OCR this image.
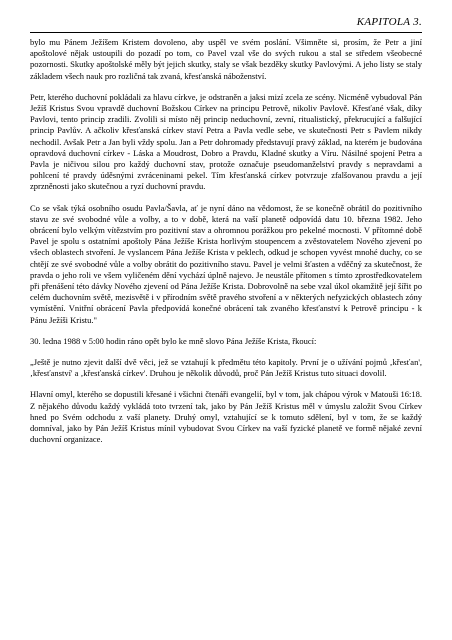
KAPITOLA 3.

bylo mu Pánem Ježíšem Kristem dovoleno, aby uspěl ve svém poslání. Všimněte si, prosím, že Petr a jiní apoštolové nějak ustoupili do pozadí po tom, co Pavel vzal vše do svých rukou a stal se středem všeobecné pozornosti. Skutky apoštolské měly být jejich skutky, staly se však bezděky skutky Pavlovými. A jeho listy se staly základem všech nauk pro rozličná tak zvaná, křesťanská náboženství.

Petr, kterého duchovní pokládali za hlavu církve, je odstraněn a jaksi mizí zcela ze scény. Nicméně vybudoval Pán Ježíš Kristus Svou vpravdě duchovní Božskou Církev na principu Petrově, nikoliv Pavlově. Křesťané však, díky Pavlovi, tento princip zradili. Zvolili si místo něj princip neduchovní, zevní, ritualistický, překrucující a falšující princip Pavlův. A ačkoliv křesťanská církev staví Petra a Pavla vedle sebe, ve skutečnosti Petr s Pavlem nikdy nechodil. Avšak Petr a Jan byli vždy spolu. Jan a Petr dohromady představují pravý základ, na kterém je budována opravdová duchovní církev - Láska a Moudrost, Dobro a Pravdu, Kladné skutky a Víru. Násilné spojení Petra a Pavla je ničivou silou pro každý duchovní stav, protože označuje pseudomanželství pravdy s nepravdami a pohlcení té pravdy úděsnými zvráceninami pekel. Tím křesťanská církev potvrzuje zfalšovanou pravdu a její zprzněnosti jako skutečnou a ryzí duchovní pravdu.

Co se však týká osobního osudu Pavla/Šavla, ať je nyní dáno na vědomost, že se konečně obrátil do pozitivního stavu ze své svobodné vůle a volby, a to v době, která na vaší planetě odpovídá datu 10. března 1982. Jeho obrácení bylo velkým vítězstvím pro pozitivní stav a ohromnou porážkou pro pekelné mocnosti. V přítomné době Pavel je spolu s ostatními apoštoly Pána Ježíše Krista horlivým stoupencem a zvěstovatelem Nového zjevení po všech oblastech stvoření. Je vyslancem Pána Ježíše Krista v peklech, odkud je schopen vyvést mnohé duchy, co se chtějí ze své svobodné vůle a volby obrátit do pozitivního stavu. Pavel je velmi šťasten a vděčný za skutečnost, že pravda o jeho roli ve všem vyličeném dění vychází úplně najevo. Je neustále přítomen s tímto zprostředkovatelem při přenášení této dávky Nového zjevení od Pána Ježíše Krista. Dobrovolně na sebe vzal úkol okamžitě její šířit po celém duchovním světě, mezisvětě i v přírodním světě pravého stvoření a v některých nefyzických oblastech zóny vymístění. Vnitřní obrácení Pavla předpovídá konečné obrácení tak zvaného křesťanství k Petrově principu - k Pánu Ježíši Kristu."

30. ledna 1988 v 5:00 hodin ráno opět bylo ke mně slovo Pána Ježíše Krista, řkoucí:

„Ještě je nutno zjevit další dvě věci, jež se vztahují k předmětu této kapitoly. První je o užívání pojmů ‚křesťan', ‚křesťanství' a ‚křesťanská církev'. Druhou je několik důvodů, proč Pán Ježíš Kristus tuto situaci dovolil.

Hlavní omyl, kterého se dopustili křesané i všichni čtenáři evangelií, byl v tom, jak chápou výrok v Matouši 16:18. Z nějakého důvodu každý vykládá toto tvrzení tak, jako by Pán Ježíš Kristus měl v úmyslu založit Svou Církev hned po Svém odchodu z vaší planety. Druhý omyl, vztahující se k tomuto sdělení, byl v tom, že se každý domníval, jako by Pán Ježíš Kristus mínil vybudovat Svou Církev na vaší fyzické planetě ve formě nějaké zevní duchovní organizace.
